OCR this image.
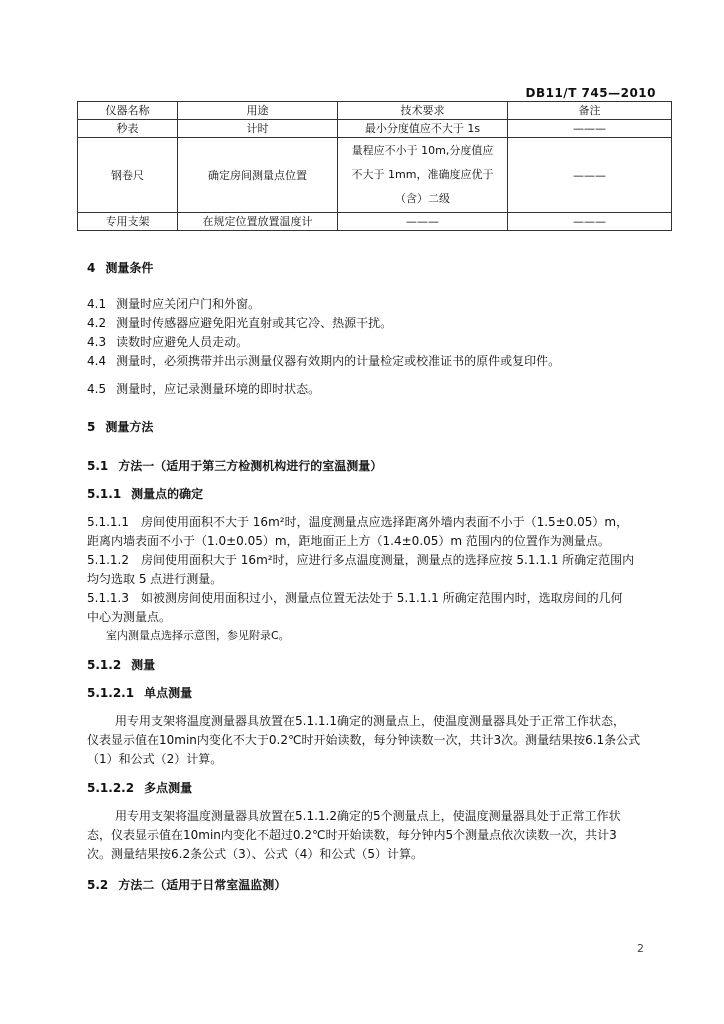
DB11/T 745—2010
仪器名称	用途	技术要求	备注
秒表	计时	最小分度值应不大于 1s	———
钢卷尺	确定房间测量点位置	量程应不小于 10m,分度值应
不大于 1mm，准确度应优于
（含）二级	———
专用支架	在规定位置放置温度计	———	———
4 测量条件
4.1 测量时应关闭户门和外窗。
4.2 测量时传感器应避免阳光直射或其它冷、热源干扰。
4.3 读数时应避免人员走动。
4.4 测量时，必须携带并出示测量仪器有效期内的计量检定或校准证书的原件或复印件。
4.5 测量时，应记录测量环境的即时状态。
5 测量方法
5.1 方法一（适用于第三方检测机构进行的室温测量）
5.1.1 测量点的确定
5.1.1.1　房间使用面积不大于 16m²时，温度测量点应选择距离外墙内表面不小于（1.5±0.05）m，
距离内墙表面不小于（1.0±0.05）m，距地面正上方（1.4±0.05）m 范围内的位置作为测量点。
5.1.1.2　房间使用面积大于 16m²时，应进行多点温度测量，测量点的选择应按 5.1.1.1 所确定范围内
均匀选取 5 点进行测量。
5.1.1.3　如被测房间使用面积过小，测量点位置无法处于 5.1.1.1 所确定范围内时，选取房间的几何
中心为测量点。
室内测量点选择示意图，参见附录C。
5.1.2 测量
5.1.2.1 单点测量
用专用支架将温度测量器具放置在5.1.1.1确定的测量点上，使温度测量器具处于正常工作状态，
仪表显示值在10min内变化不大于0.2℃时开始读数，每分钟读数一次，共计3次。测量结果按6.1条公式
（1）和公式（2）计算。
5.1.2.2 多点测量
用专用支架将温度测量器具放置在5.1.1.2确定的5个测量点上，使温度测量器具处于正常工作状
态，仪表显示值在10min内变化不超过0.2℃时开始读数，每分钟内5个测量点依次读数一次，共计3
次。测量结果按6.2条公式（3）、公式（4）和公式（5）计算。
5.2 方法二（适用于日常室温监测）
2
